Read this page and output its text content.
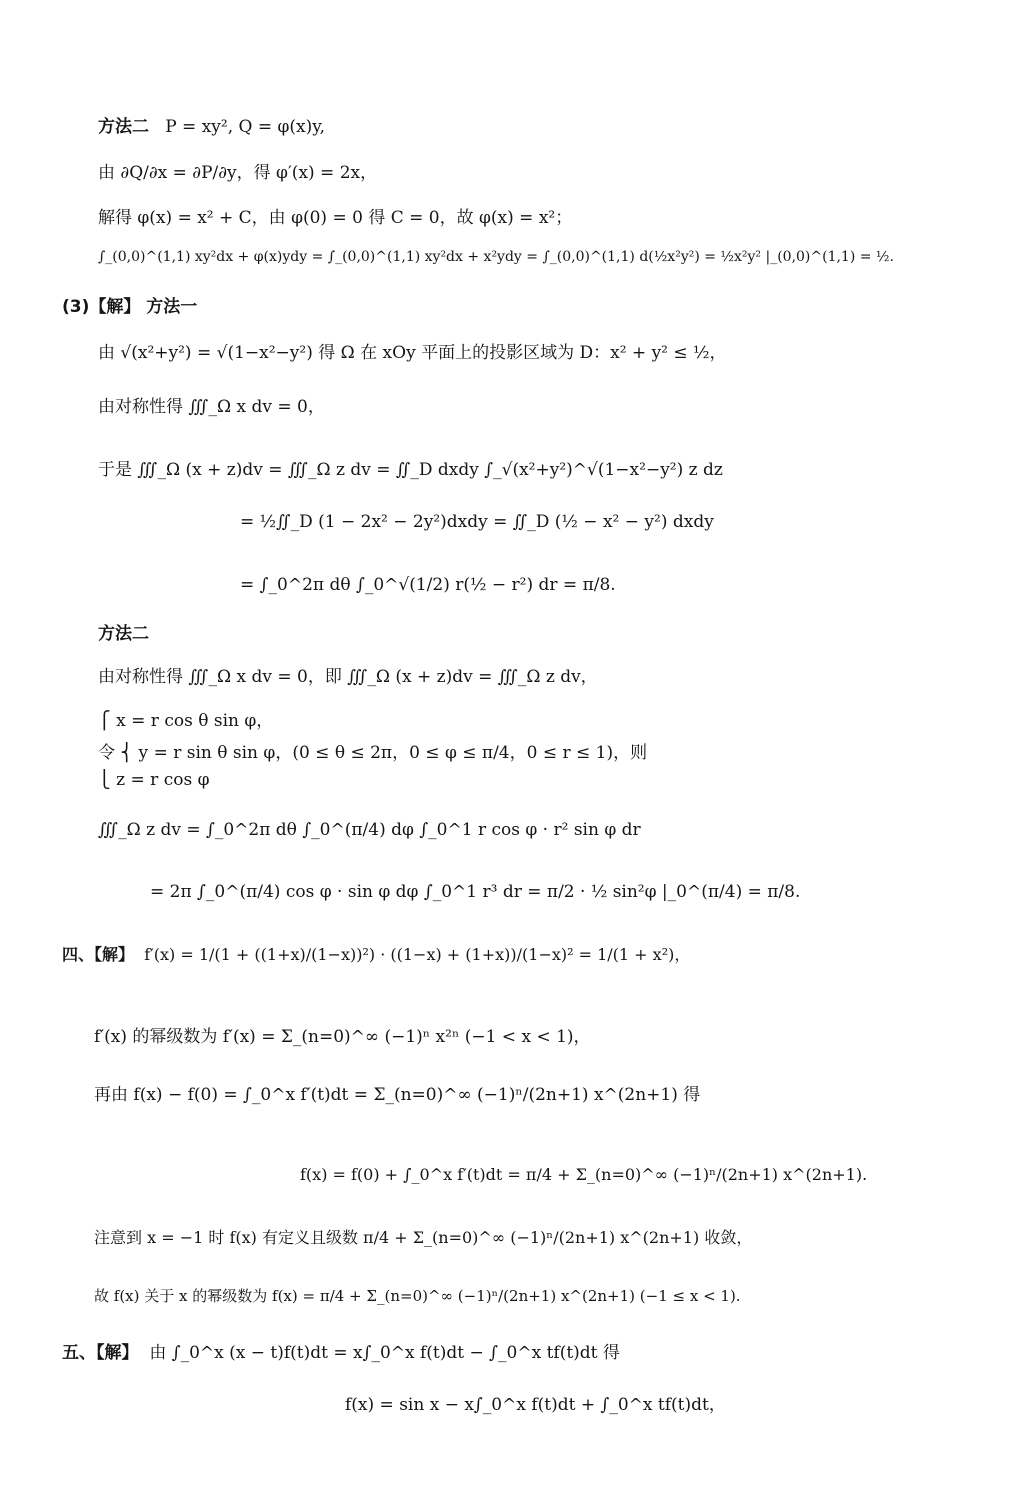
方法二 P = xy², Q = φ(x)y,
由 ∂Q/∂x = ∂P/∂y，得 φ′(x) = 2x，
解得 φ(x) = x² + C，由 φ(0) = 0 得 C = 0，故 φ(x) = x²；
∫_(0,0)^(1,1) xy²dx + φ(x)ydy = ∫_(0,0)^(1,1) xy²dx + x²ydy = ∫_(0,0)^(1,1) d(½x²y²) = ½x²y² |_(0,0)^(1,1) = ½.
(3)【解】 方法一
由 √(x²+y²) = √(1−x²−y²) 得 Ω 在 xOy 平面上的投影区域为 D：x² + y² ≤ ½，
由对称性得 ∭_Ω x dv = 0，
于是 ∭_Ω (x + z)dv = ∭_Ω z dv = ∬_D dxdy ∫_√(x²+y²)^√(1−x²−y²) z dz
= ½∬_D (1 − 2x² − 2y²)dxdy = ∬_D (½ − x² − y²) dxdy
= ∫_0^2π dθ ∫_0^√(1/2) r(½ − r²) dr = π/8.
方法二
由对称性得 ∭_Ω x dv = 0，即 ∭_Ω (x + z)dv = ∭_Ω z dv，
⎧ x = r cos θ sin φ，
令 ⎨ y = r sin θ sin φ，(0 ≤ θ ≤ 2π，0 ≤ φ ≤ π/4，0 ≤ r ≤ 1)，则
⎩ z = r cos φ
∭_Ω z dv = ∫_0^2π dθ ∫_0^(π/4) dφ ∫_0^1 r cos φ · r² sin φ dr
= 2π ∫_0^(π/4) cos φ · sin φ dφ ∫_0^1 r³ dr = π/2 · ½ sin²φ |_0^(π/4) = π/8.
四、【解】 f′(x) = 1/(1 + ((1+x)/(1−x))²) · ((1−x) + (1+x))/(1−x)² = 1/(1 + x²)，
f′(x) 的幂级数为 f′(x) = Σ_(n=0)^∞ (−1)ⁿ x²ⁿ (−1 < x < 1)，
再由 f(x) − f(0) = ∫_0^x f′(t)dt = Σ_(n=0)^∞ (−1)ⁿ/(2n+1) x^(2n+1) 得
f(x) = f(0) + ∫_0^x f′(t)dt = π/4 + Σ_(n=0)^∞ (−1)ⁿ/(2n+1) x^(2n+1).
注意到 x = −1 时 f(x) 有定义且级数 π/4 + Σ_(n=0)^∞ (−1)ⁿ/(2n+1) x^(2n+1) 收敛，
故 f(x) 关于 x 的幂级数为 f(x) = π/4 + Σ_(n=0)^∞ (−1)ⁿ/(2n+1) x^(2n+1) (−1 ≤ x < 1).
五、【解】 由 ∫_0^x (x − t)f(t)dt = x∫_0^x f(t)dt − ∫_0^x tf(t)dt 得
f(x) = sin x − x∫_0^x f(t)dt + ∫_0^x tf(t)dt，
